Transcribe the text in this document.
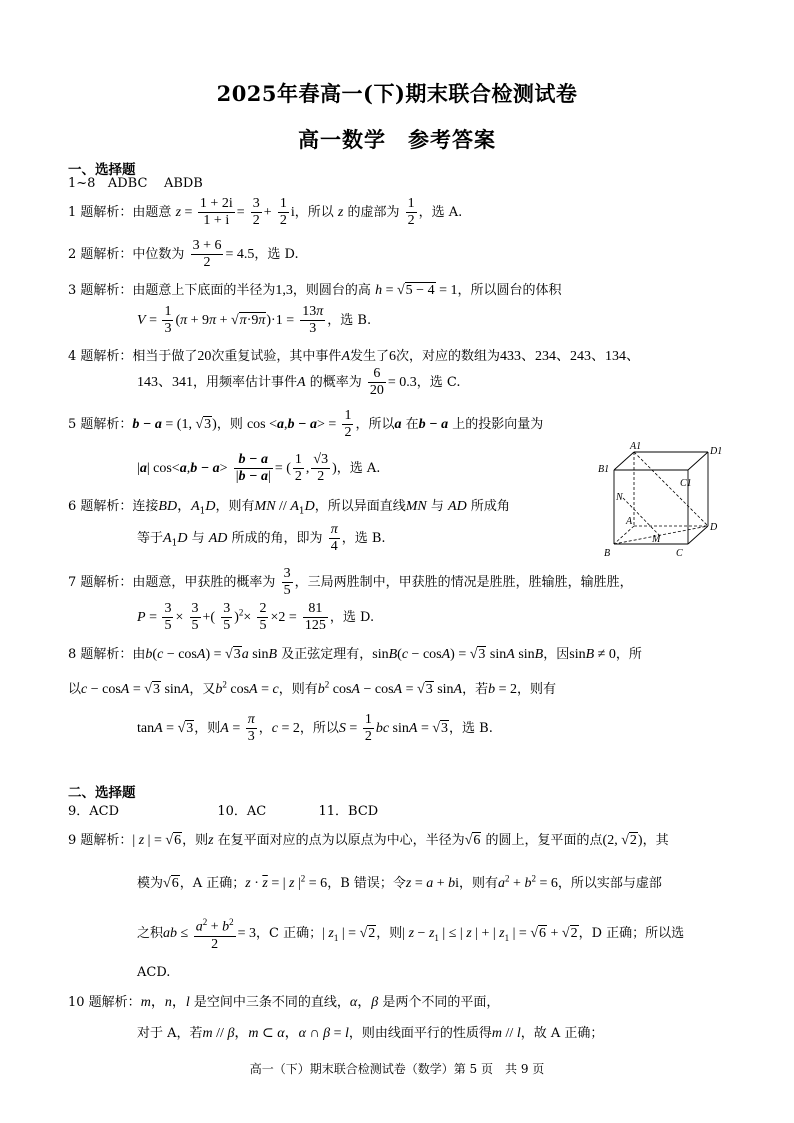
2025年春高一(下)期末联合检测试卷
高一数学　参考答案
一、选择题
1~8 ADBC ABDB
1 题解析：由题意 $z = \frac{1 + 2i}{1 + i} = \frac{3}{2} + \frac{1}{2}$ i，所以 z 的虚部为 $\frac{1}{2}$ ，选 A.
2 题解析：中位数为 $\frac{3 + 6}{2} = 4.5$，选 D.
3 题解析：由题意上下底面的半径为1,3，则圆台的高 h = √5 − 4 = 1，所以圆台的体积
$V = \frac{1}{3} (\pi + 9\pi + √\pi\cdot 9\pi)\cdot 1 = \frac{13\pi}{3}$ ，选 B.
4 题解析：相当于做了20次重复试验，其中事件A发生了6次，对应的数组为433、234、243、134、
143、341，用频率估计事件A 的概率为 $\frac{6}{20} = 0.3$，选 C.
5 题解析：b − a = (1, √3)，则 $\cos <a,b - a> = \frac{1}{2}$ ，所以a 在b − a 上的投影向量为
|a| $\cos<a,b - a> \frac{b - a}{|b - a|}$ = ( $\frac{1}{2}$ , $\frac{√3}{2}$ )，选 A.
6 题解析：连接BD，$A_1D$，则有MN // $A_1D$，所以异面直线MN 与 AD 所成角
等于$A_1D$ 与 AD 所成的角，即为 $\frac{\pi}{4}$ ，选 B.
A1	D1
B1
C1
N
A
D
B	C
M
7 题解析：由题意，甲获胜的概率为 $\frac{3}{5}$ ，三局两胜制中，甲获胜的情况是胜胜，胜输胜，输胜胜，
$P = \frac{3}{5} \times \frac{3}{5}$ +( $\frac{3}{5} )^2\times \frac{2}{5} \times 2 = \frac{81}{125}$ ，选 D.
8 题解析：由b(c − cosA) = √3a sinB 及正弦定理有，sinB(c − cosA) = √3 sinA sinB，因sinB ≠ 0，所
以c − cosA = √3 sinA，又$b^2$ cosA = c，则有$b^2$ cosA − cosA = √3 sinA，若b = 2，则有
tanA = √3，则$A = \frac{\pi}{3}$ ，c = 2，所以$S = \frac{1}{2}$ bc sinA = √3，选 B.
二、选择题
9．ACD	10．AC	11．BCD
9 题解析：| z | = √6，则z 在复平面对应的点为以原点为中心，半径为√6 的圆上，复平面的点(2, √2)，其
模为√6，A 正确；$z \cdot \overline{z}$ = | z $|^2 = 6$，B 错误；令z = a + bi，则有$a^2 + b^2 = 6$，所以实部与虚部
之积ab ≤ $\frac{a^2 + b^2}{2} = 3$，C 正确；| $z_1$ | = √2，则| $z - z_1$ | ≤ | z | + | $z_1$ | = √6 + √2，D 正确；所以选
ACD.
10 题解析：m，n，l 是空间中三条不同的直线，α，β 是两个不同的平面，
对于 A，若m // β，m ⊂ α，α ∩ β = l，则由线面平行的性质得m // l，故 A 正确；
高一（下）期末联合检测试卷（数学）第 5 页　共 9 页
